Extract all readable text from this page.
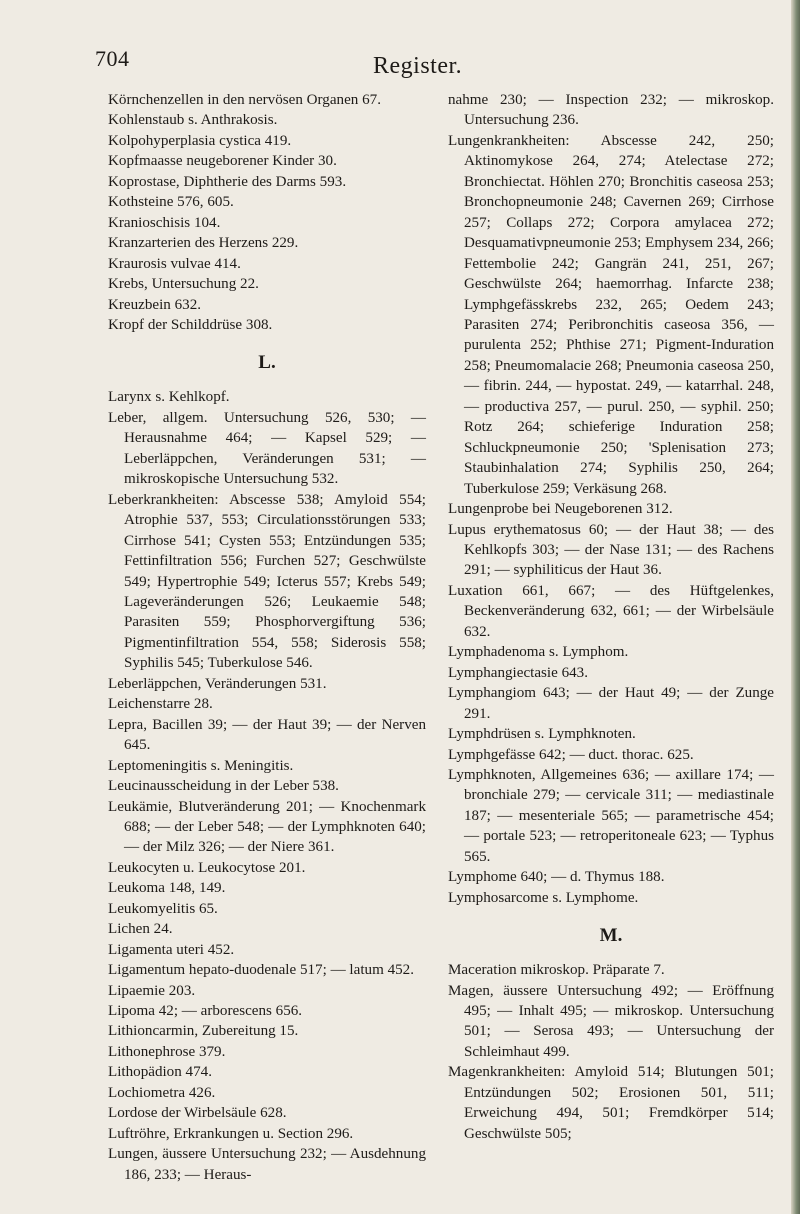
704	Register.
Körnchenzellen in den nervösen Organen 67.
Kohlenstaub s. Anthrakosis.
Kolpohyperplasia cystica 419.
Kopfmaasse neugeborener Kinder 30.
Koprostase, Diphtherie des Darms 593.
Kothsteine 576, 605.
Kranioschisis 104.
Kranzarterien des Herzens 229.
Kraurosis vulvae 414.
Krebs, Untersuchung 22.
Kreuzbein 632.
Kropf der Schilddrüse 308.
L.
Larynx s. Kehlkopf.
Leber, allgem. Untersuchung 526, 530; — Herausnahme 464; — Kapsel 529; — Leberläppchen, Veränderungen 531; — mikroskopische Untersuchung 532.
Leberkrankheiten: Abscesse 538; Amyloid 554; Atrophie 537, 553; Circulationsstörungen 533; Cirrhose 541; Cysten 553; Entzündungen 535; Fettinfiltration 556; Furchen 527; Geschwülste 549; Hypertrophie 549; Icterus 557; Krebs 549; Lageveränderungen 526; Leukaemie 548; Parasiten 559; Phosphorvergiftung 536; Pigmentinfiltration 554, 558; Siderosis 558; Syphilis 545; Tuberkulose 546.
Leberläppchen, Veränderungen 531.
Leichenstarre 28.
Lepra, Bacillen 39; — der Haut 39; — der Nerven 645.
Leptomeningitis s. Meningitis.
Leucinausscheidung in der Leber 538.
Leukämie, Blutveränderung 201; — Knochenmark 688; — der Leber 548; — der Lymphknoten 640; — der Milz 326; — der Niere 361.
Leukocyten u. Leukocytose 201.
Leukoma 148, 149.
Leukomyelitis 65.
Lichen 24.
Ligamenta uteri 452.
Ligamentum hepato-duodenale 517; — latum 452.
Lipaemie 203.
Lipoma 42; — arborescens 656.
Lithioncarmin, Zubereitung 15.
Lithonephrose 379.
Lithopädion 474.
Lochiometra 426.
Lordose der Wirbelsäule 628.
Luftröhre, Erkrankungen u. Section 296.
Lungen, äussere Untersuchung 232; — Ausdehnung 186, 233; — Heraus-
nahme 230; — Inspection 232; — mikroskop. Untersuchung 236.
Lungenkrankheiten: Abscesse 242, 250; Aktinomykose 264, 274; Atelectase 272; Bronchiectat. Höhlen 270; Bronchitis caseosa 253; Bronchopneumonie 248; Cavernen 269; Cirrhose 257; Collaps 272; Corpora amylacea 272; Desquamativpneumonie 253; Emphysem 234, 266; Fettembolie 242; Gangrän 241, 251, 267; Geschwülste 264; haemorrhag. Infarcte 238; Lymphgefässkrebs 232, 265; Oedem 243; Parasiten 274; Peribronchitis caseosa 356, — purulenta 252; Phthise 271; Pigment-Induration 258; Pneumomalacie 268; Pneumonia caseosa 250, — fibrin. 244, — hypostat. 249, — katarrhal. 248, — productiva 257, — purul. 250, — syphil. 250; Rotz 264; schieferige Induration 258; Schluckpneumonie 250; 'Splenisation 273; Staubinhalation 274; Syphilis 250, 264; Tuberkulose 259; Verkäsung 268.
Lungenprobe bei Neugeborenen 312.
Lupus erythematosus 60; — der Haut 38; — des Kehlkopfs 303; — der Nase 131; — des Rachens 291; — syphiliticus der Haut 36.
Luxation 661, 667; — des Hüftgelenkes, Beckenveränderung 632, 661; — der Wirbelsäule 632.
Lymphadenoma s. Lymphom.
Lymphangiectasie 643.
Lymphangiom 643; — der Haut 49; — der Zunge 291.
Lymphdrüsen s. Lymphknoten.
Lymphgefässe 642; — duct. thorac. 625.
Lymphknoten, Allgemeines 636; — axillare 174; — bronchiale 279; — cervicale 311; — mediastinale 187; — mesenteriale 565; — parametrische 454; — portale 523; — retroperitoneale 623; — Typhus 565.
Lymphome 640; — d. Thymus 188.
Lymphosarcome s. Lymphome.
M.
Maceration mikroskop. Präparate 7.
Magen, äussere Untersuchung 492; — Eröffnung 495; — Inhalt 495; — mikroskop. Untersuchung 501; — Serosa 493; — Untersuchung der Schleimhaut 499.
Magenkrankheiten: Amyloid 514; Blutungen 501; Entzündungen 502; Erosionen 501, 511; Erweichung 494, 501; Fremdkörper 514; Geschwülste 505;
